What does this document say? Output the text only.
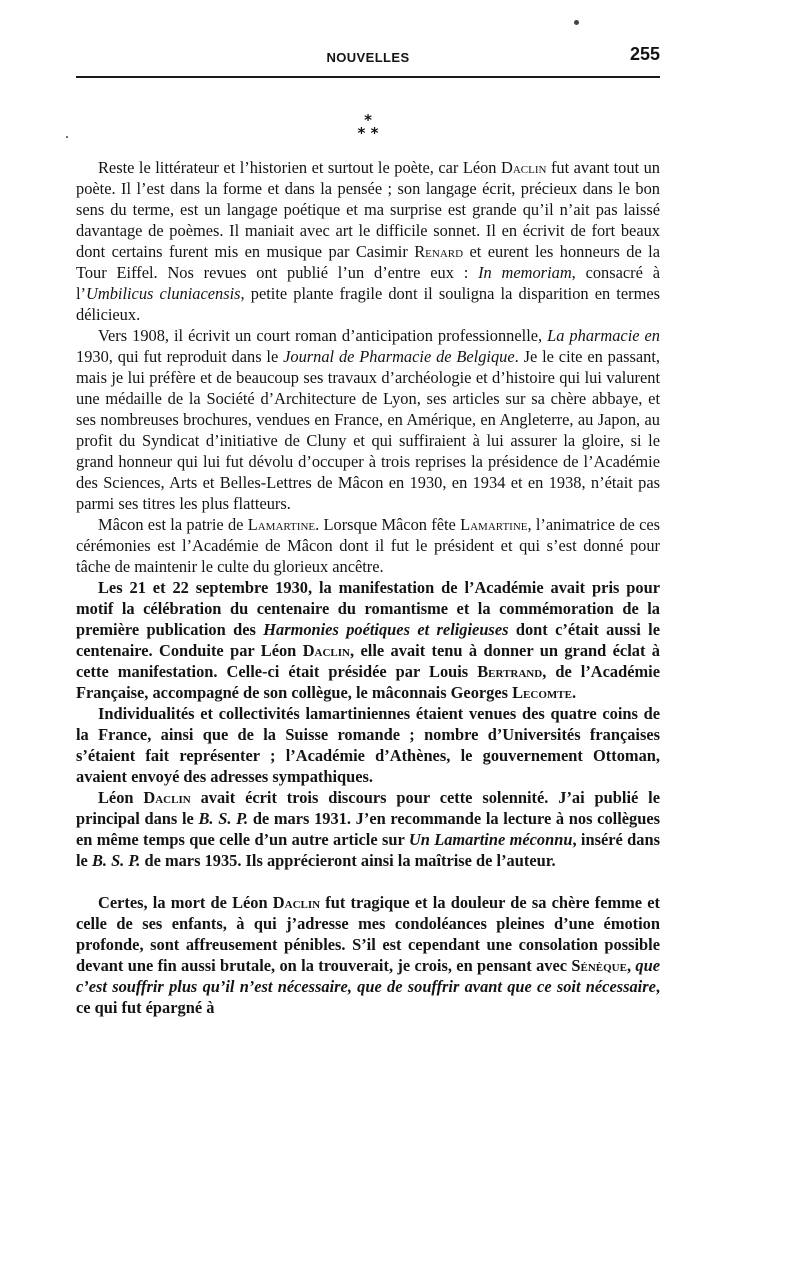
NOUVELLES	255
*
* *

Reste le littérateur et l’historien et surtout le poète, car Léon Daclin fut avant tout un poète. Il l’est dans la forme et dans la pensée ; son langage écrit, précieux dans le bon sens du terme, est un langage poétique et ma surprise est grande qu’il n’ait pas laissé davantage de poèmes. Il maniait avec art le difficile sonnet. Il en écrivit de fort beaux dont certains furent mis en musique par Casimir Renard et eurent les honneurs de la Tour Eiffel. Nos revues ont publié l’un d’entre eux : In memoriam, consacré à l’Umbilicus cluniacensis, petite plante fragile dont il souligna la disparition en termes délicieux.

Vers 1908, il écrivit un court roman d’anticipation professionnelle, La pharmacie en 1930, qui fut reproduit dans le Journal de Pharmacie de Belgique. Je le cite en passant, mais je lui préfère et de beaucoup ses travaux d’archéologie et d’histoire qui lui valurent une médaille de la Société d’Architecture de Lyon, ses articles sur sa chère abbaye, et ses nombreuses brochures, vendues en France, en Amérique, en Angleterre, au Japon, au profit du Syndicat d’initiative de Cluny et qui suffiraient à lui assurer la gloire, si le grand honneur qui lui fut dévolu d’occuper à trois reprises la présidence de l’Académie des Sciences, Arts et Belles-Lettres de Mâcon en 1930, en 1934 et en 1938, n’était pas parmi ses titres les plus flatteurs.

Mâcon est la patrie de Lamartine. Lorsque Mâcon fête Lamartine, l’animatrice de ces cérémonies est l’Académie de Mâcon dont il fut le président et qui s’est donné pour tâche de maintenir le culte du glorieux ancêtre.

Les 21 et 22 septembre 1930, la manifestation de l’Académie avait pris pour motif la célébration du centenaire du romantisme et la commémoration de la première publication des Harmonies poétiques et religieuses dont c’était aussi le centenaire. Conduite par Léon Daclin, elle avait tenu à donner un grand éclat à cette manifestation. Celle-ci était présidée par Louis Bertrand, de l’Académie Française, accompagné de son collègue, le mâconnais Georges Lecomte.

Individualités et collectivités lamartiniennes étaient venues des quatre coins de la France, ainsi que de la Suisse romande ; nombre d’Universités françaises s’étaient fait représenter ; l’Académie d’Athènes, le gouvernement Ottoman, avaient envoyé des adresses sympathiques.

Léon Daclin avait écrit trois discours pour cette solennité. J’ai publié le principal dans le B. S. P. de mars 1931. J’en recommande la lecture à nos collègues en même temps que celle d’un autre article sur Un Lamartine méconnu, inséré dans le B. S. P. de mars 1935. Ils apprécieront ainsi la maîtrise de l’auteur.

Certes, la mort de Léon Daclin fut tragique et la douleur de sa chère femme et celle de ses enfants, à qui j’adresse mes condoléances pleines d’une émotion profonde, sont affreusement pénibles. S’il est cependant une consolation possible devant une fin aussi brutale, on la trouverait, je crois, en pensant avec Sénèque, que c’est souffrir plus qu’il n’est nécessaire, que de souffrir avant que ce soit nécessaire, ce qui fut épargné à
